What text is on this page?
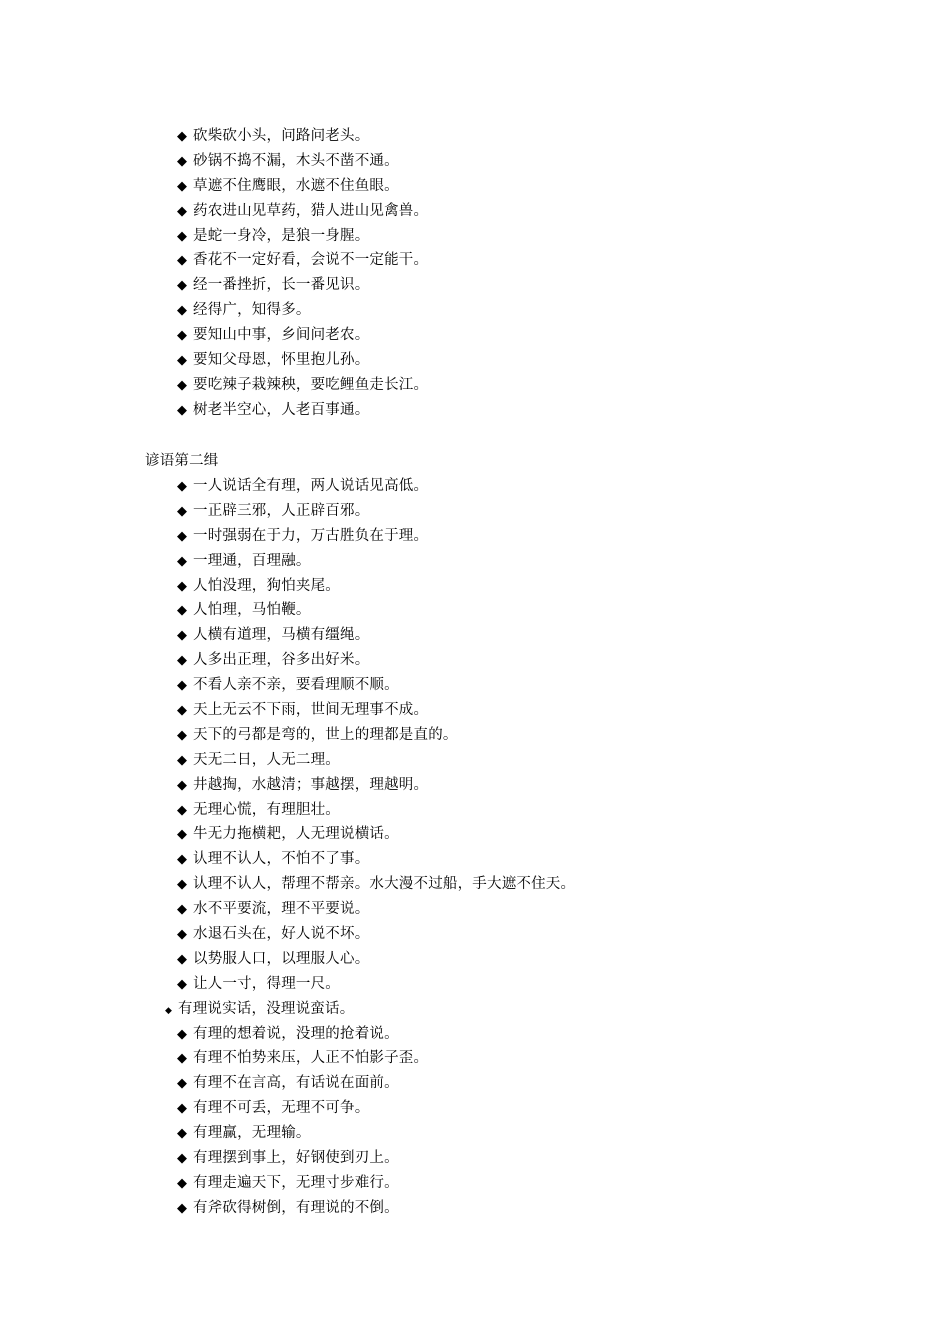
◆ 砍柴砍小头，问路问老头。
◆ 砂锅不捣不漏，木头不凿不通。
◆ 草遮不住鹰眼，水遮不住鱼眼。
◆ 药农进山见草药，猎人进山见禽兽。
◆ 是蛇一身冷，是狼一身腥。
◆ 香花不一定好看，会说不一定能干。
◆ 经一番挫折，长一番见识。
◆ 经得广，知得多。
◆ 要知山中事，乡间问老农。
◆ 要知父母恩，怀里抱儿孙。
◆ 要吃辣子栽辣秧，要吃鲤鱼走长江。
◆ 树老半空心，人老百事通。
谚语第二缉
◆ 一人说话全有理，两人说话见高低。
◆ 一正辟三邪，人正辟百邪。
◆ 一时强弱在于力，万古胜负在于理。
◆ 一理通，百理融。
◆ 人怕没理，狗怕夹尾。
◆ 人怕理，马怕鞭。
◆ 人横有道理，马横有缰绳。
◆ 人多出正理，谷多出好米。
◆ 不看人亲不亲，要看理顺不顺。
◆ 天上无云不下雨，世间无理事不成。
◆ 天下的弓都是弯的，世上的理都是直的。
◆ 天无二日，人无二理。
◆ 井越掏，水越清；事越摆，理越明。
◆ 无理心慌，有理胆壮。
◆ 牛无力拖横耙，人无理说横话。
◆ 认理不认人，不怕不了事。
◆ 认理不认人，帮理不帮亲。水大漫不过船，手大遮不住天。
◆ 水不平要流，理不平要说。
◆ 水退石头在，好人说不坏。
◆ 以势服人口，以理服人心。
◆ 让人一寸，得理一尺。
◆ 有理说实话，没理说蛮话。
◆ 有理的想着说，没理的抢着说。
◆ 有理不怕势来压，人正不怕影子歪。
◆ 有理不在言高，有话说在面前。
◆ 有理不可丢，无理不可争。
◆ 有理赢，无理输。
◆ 有理摆到事上，好钢使到刃上。
◆ 有理走遍天下，无理寸步难行。
◆ 有斧砍得树倒，有理说的不倒。
